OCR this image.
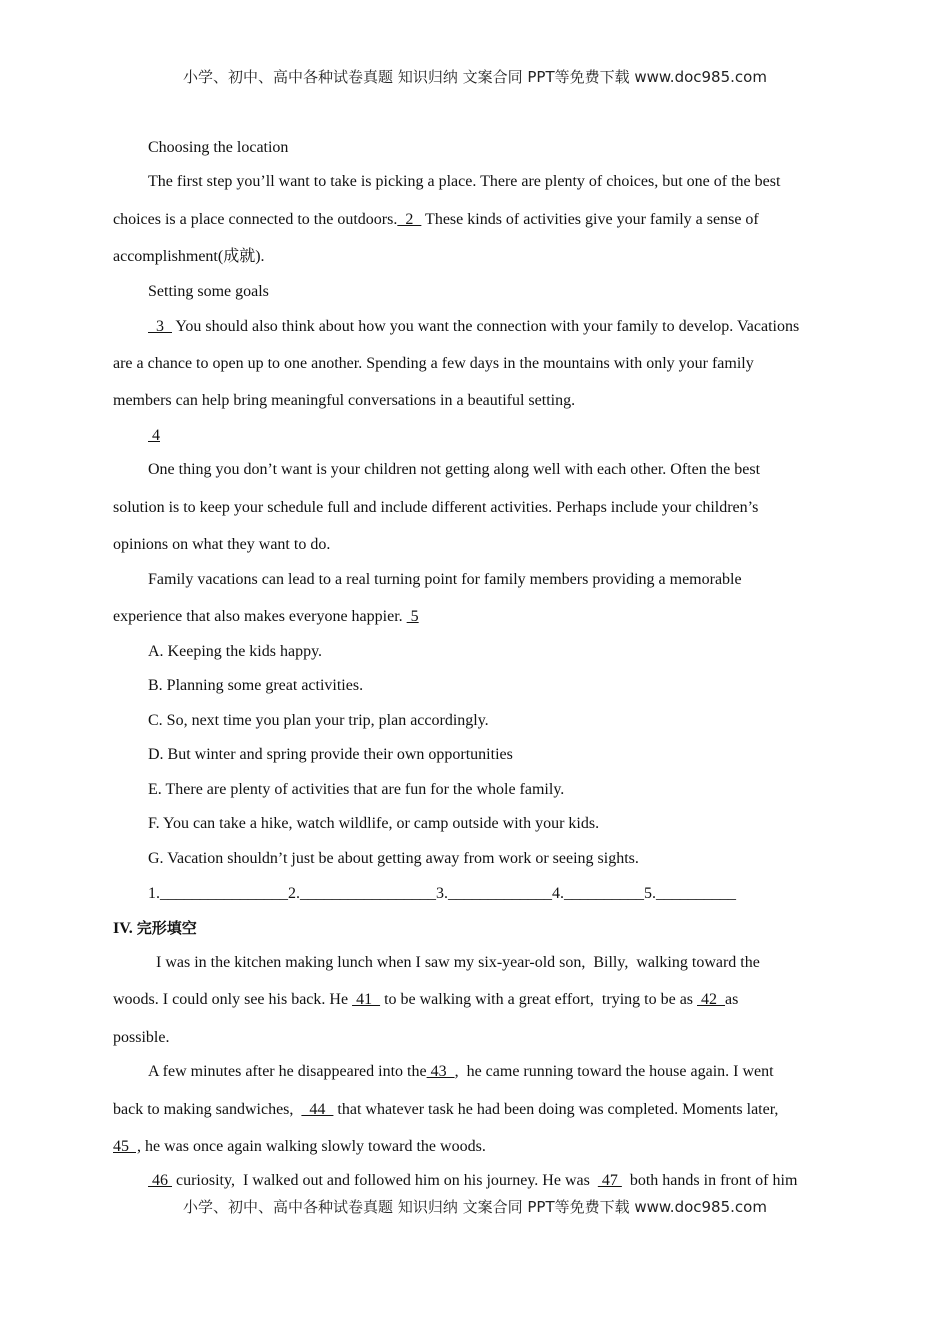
小学、初中、高中各种试卷真题 知识归纳 文案合同 PPT等免费下载 www.doc985.com
Choosing the location
The first step you’ll want to take is picking a place. There are plenty of choices, but one of the best
choices is a place connected to the outdoors.  2   These kinds of activities give your family a sense of
accomplishment(成就).
Setting some goals
3   You should also think about how you want the connection with your family to develop. Vacations
are a chance to open up to one another. Spending a few days in the mountains with only your family
members can help bring meaningful conversations in a beautiful setting.
4
One thing you don’t want is your children not getting along well with each other. Often the best
solution is to keep your schedule full and include different activities. Perhaps include your children’s
opinions on what they want to do.
Family vacations can lead to a real turning point for family members providing a memorable
experience that also makes everyone happier.  5
A. Keeping the kids happy.
B. Planning some great activities.
C. So, next time you plan your trip, plan accordingly.
D. But winter and spring provide their own opportunities
E. There are plenty of activities that are fun for the whole family.
F. You can take a hike, watch wildlife, or camp outside with your kids.
G. Vacation shouldn’t just be about getting away from work or seeing sights.
1.________________2._________________3._____________4.__________5.__________
IV. 完形填空
I was in the kitchen making lunch when I saw my six-year-old son,  Billy,  walking toward the
woods. I could only see his back. He  41   to be walking with a great effort,  trying to be as  42  as
possible.
A few minutes after he disappeared into the 43  ,  he came running toward the house again. I went
back to making sandwiches,    44   that whatever task he had been doing was completed. Moments later,
45  , he was once again walking slowly toward the woods.
46  curiosity,  I walked out and followed him on his journey. He was   47   both hands in front of him
小学、初中、高中各种试卷真题 知识归纳 文案合同 PPT等免费下载 www.doc985.com
